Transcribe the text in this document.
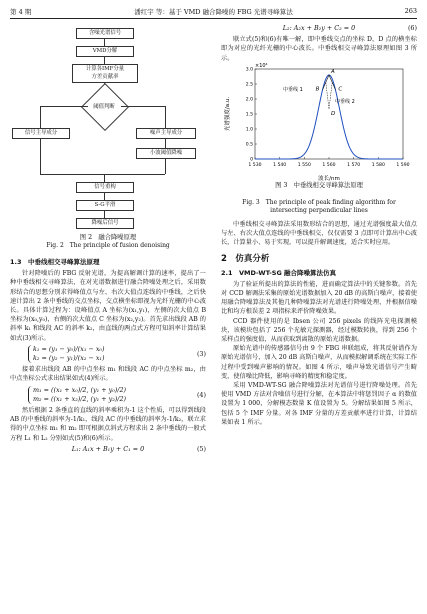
第 4 期	潘红宇 等：基于 VMD 融合降噪的 FBG 光谱寻峰算法	263
含噪光谱信号
VMD分解
计算各IMF分量
方差贡献率
阈值判断
信号主导成分	噪声主导成分
小波阈值降噪
信号重构
S-G平滑
降噪后信号
图 2　融合降噪原理
Fig. 2　The principle of fusion denoising
1.3　中垂线相交寻峰算法原理

针对降噪后的 FBG 反射光谱，为提高解调计算的速率，提出了一种中垂线相交寻峰算法，在对光谱数据进行融合降噪处理之后，采用数形结合的思想分别求得峰值点与左、右次大值点连线的中垂线，之后快速计算出 2 条中垂线的交点坐标，交点横坐标即视为光纤光栅的中心波长。具体计算过程为：设峰值点 A 坐标为(x₁,y₁)，左侧的次大值点 B 坐标为(x₀,y₀)，右侧的次大值点 C 坐标为(x₂,y₂)。首先求出线段 AB 的斜率 k₁ 和线段 AC 的斜率 k₂，由直线的两点式方程可知斜率计算结果如式(3)所示。

k₁ = (y₁ − y₀)/(x₁ − x₀)
k₂ = (y₂ − y₁)/(x₂ − x₁)
(3)

接着求出线段 AB 的中点坐标 m₁ 和线段 AC 的中点坐标 m₂，由中点坐标公式求出结果如式(4)所示。

m₁ = ((x₁ + x₀)/2, (y₁ + y₀)/2)
m₂ = ((x₁ + x₂)/2, (y₁ + y₂)/2)
(4)

然后根据 2 条垂直的直线的斜率乘积为-1 这个性质，可以得到线段 AB 的中垂线的斜率为-1/k₁，线段 AC 的中垂线的斜率为-1/k₂，联立求得的中点坐标 m₁ 和 m₂ 即可根据点斜式方程求出 2 条中垂线的一般式方程 L₁ 和 L₂ 分别如式(5)和(6)所示。

L₁: A₁x + B₁y + C₁ = 0	(5)
L₂: A₂x + B₂y + C₂ = 0	(6)

联立式(5)和(6)有唯一解，即中垂线交点的坐标 D，D 点的横坐标即为对应的光纤光栅的中心波长。中垂线相交寻峰算法原理如图 3 所示。

1 530	1 540	1 550	1 560	1 570	1 580	1 590
0
0.5
1.0
1.5
2.0
2.5
3.0	A
B	C
D
中垂线 1
中垂线 2
×10⁴
波长/nm
光谱强度/a.u.
图 3　中垂线相交寻峰算法原理
Fig. 3　The principle of peak finding algorithm for
intersecting perpendicular lines

中垂线相交寻峰算法采用数形结合的思想，通过光谱强度最大值点与左、右次大值点连线的中垂线相交，仅仅需要 3 点即可计算出中心波长，计算量小、易于实现，可以提升解调速度，适合实时应用。

2　仿真分析
2.1　VMD-WT-SG 融合降噪算法仿真

为了验证所提出的算法的性能，进而确定算法中的关键参数。首先对 CCD 解调法采集的原始光谱数据加入 20 dB 的高斯白噪声，接着使用融合降噪算法及其他几种降噪算法对光谱进行降噪处理，并根据信噪比和均方根误差 2 项指标来评价降噪效果。

CCD 器件使用的是 Ibsen 公司 256 pixels 的线阵光电探测模块，该模块包括了 256 个光敏元探测器，经过模数转换，得到 256 个采样点的强度值，从而获取到离散的原始光谱数据。

原始光谱中的传感器信号由 9 个 FBG 串联组成，将其反射谱作为原始光谱信号，加入 20 dB 高斯白噪声，从而模拟解调系统在实际工作过程中受到噪声影响的情况。如图 4 所示，噪声导致光谱信号产生畸变，使信噪比降低，影响寻峰的精度和稳定度。

采用 VMD-WT-SG 融合降噪算法对光谱信号进行降噪处理。首先使用 VMD 方法对含噪信号进行分解，在本算法中将惩罚因子 α 的数值设置为 1 000，分解模态数量 K 值设置为 5。分解结果如图 5 所示，包括 5 个 IMF 分量。对各 IMF 分量的方差贡献率进行计算，计算结果如表 1 所示。
